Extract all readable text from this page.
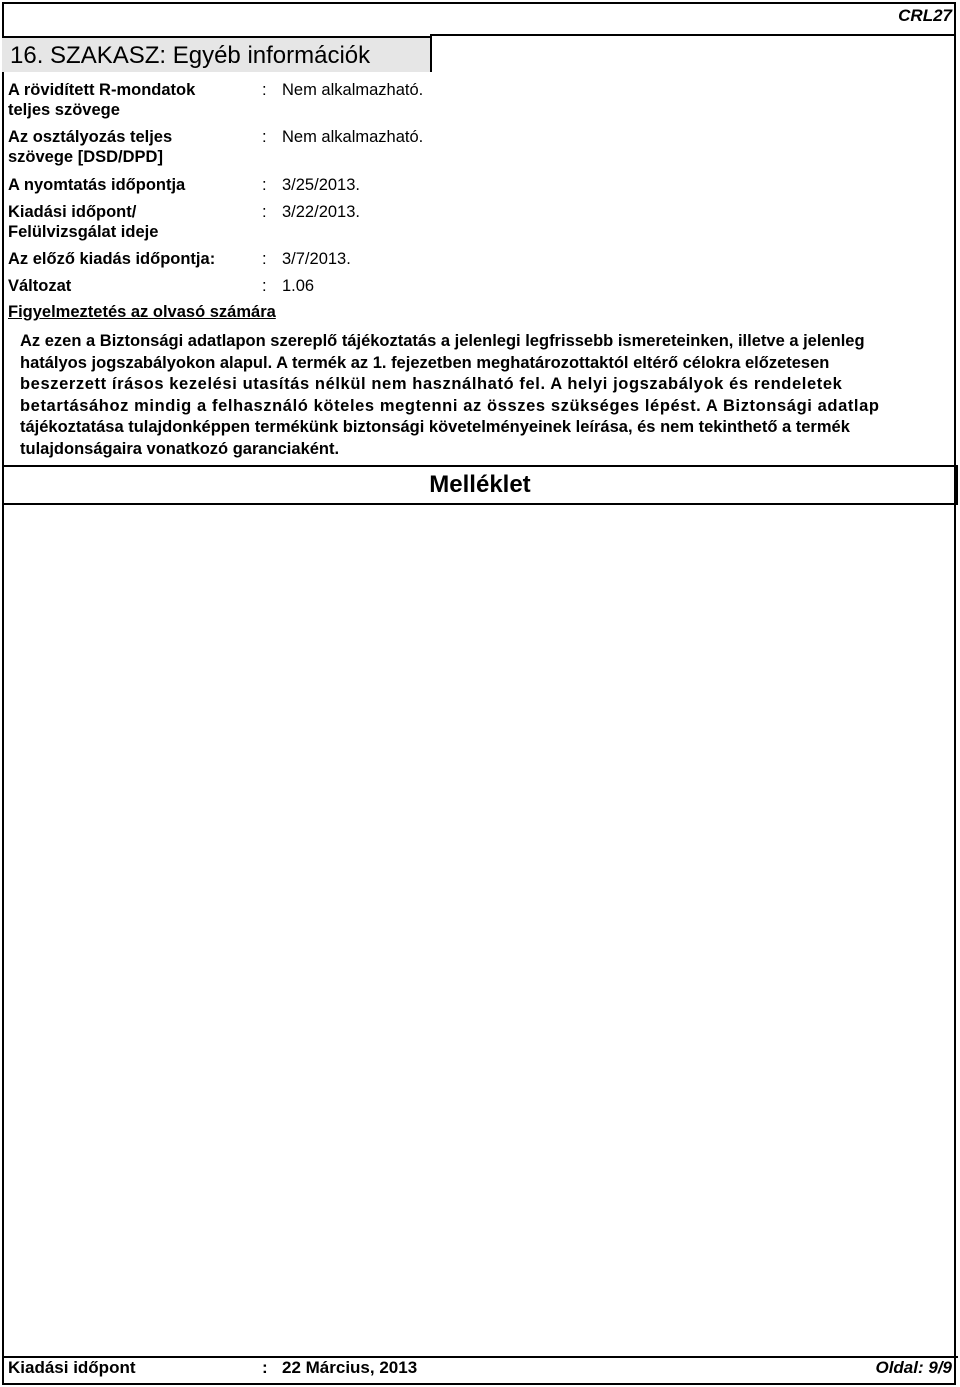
CRL27
16. SZAKASZ: Egyéb információk
A rövidített R-mondatok
teljes szövege
: Nem alkalmazható.
Az osztályozás teljes
szövege [DSD/DPD]
: Nem alkalmazható.
A nyomtatás időpontja	: 3/25/2013.
Kiadási időpont/
Felülvizsgálat ideje
: 3/22/2013.
Az előző kiadás időpontja:	: 3/7/2013.
Változat	: 1.06
Figyelmeztetés az olvasó számára
Az ezen a Biztonsági adatlapon szereplő tájékoztatás a jelenlegi legfrissebb ismereteinken, illetve a jelenleg
hatályos jogszabályokon alapul. A termék az 1. fejezetben meghatározottaktól eltérő célokra előzetesen
beszerzett írásos kezelési utasítás nélkül nem használható fel. A helyi jogszabályok és rendeletek
betartásához mindig a felhasználó köteles megtenni az összes szükséges lépést. A Biztonsági adatlap
tájékoztatása tulajdonképpen termékünk biztonsági követelményeinek leírása, és nem tekinthető a termék
tulajdonságaira vonatkozó garanciaként.
Melléklet
Kiadási időpont	: 22 Március, 2013	Oldal: 9/9
